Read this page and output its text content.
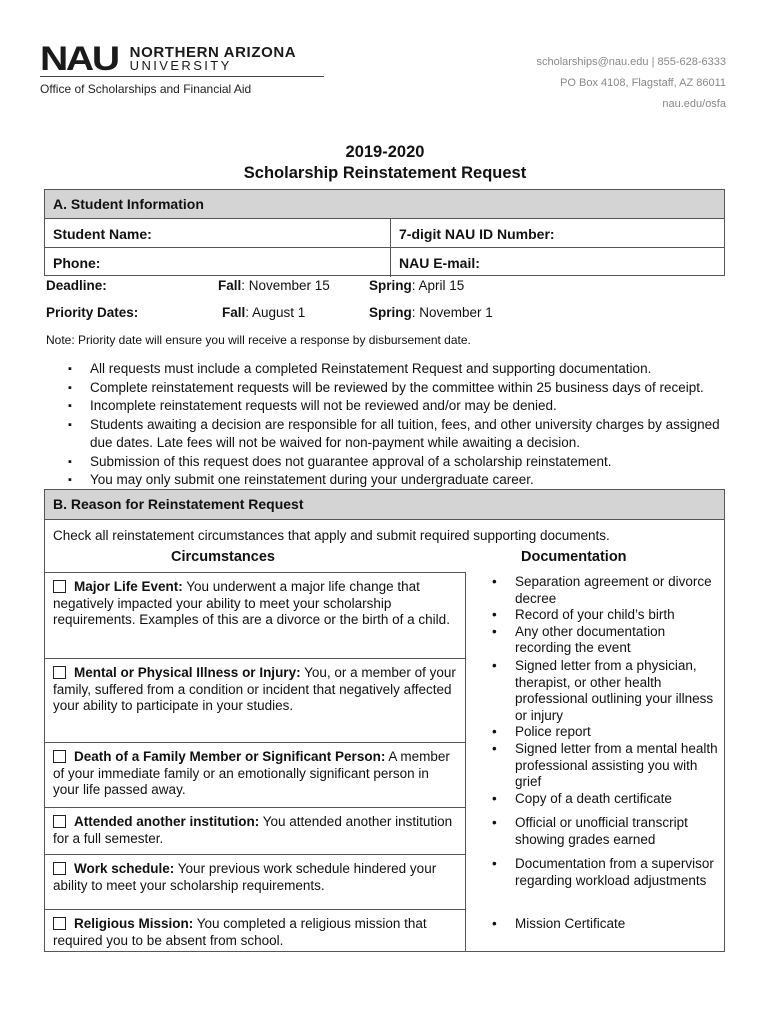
NAU NORTHERN ARIZONA
UNIVERSITY
Office of Scholarships and Financial Aid
scholarships@nau.edu | 855-628-6333
PO Box 4108, Flagstaff, AZ 86011
nau.edu/osfa
2019-2020
Scholarship Reinstatement Request
A. Student Information
Student Name:	7-digit NAU ID Number:
Phone:	NAU E-mail:
Deadline:	Fall: November 15	Spring: April 15
Priority Dates:	Fall: August 1	Spring: November 1
Note: Priority date will ensure you will receive a response by disbursement date.
▪ All requests must include a completed Reinstatement Request and supporting documentation.
▪ Complete reinstatement requests will be reviewed by the committee within 25 business days of receipt.
▪ Incomplete reinstatement requests will not be reviewed and/or may be denied.
▪ Students awaiting a decision are responsible for all tuition, fees, and other university charges by assigned due dates. Late fees will not be waived for non-payment while awaiting a decision.
▪ Submission of this request does not guarantee approval of a scholarship reinstatement.
▪ You may only submit one reinstatement during your undergraduate career.
B. Reason for Reinstatement Request
Check all reinstatement circumstances that apply and submit required supporting documents.
Circumstances	Documentation
Major Life Event: You underwent a major life change that negatively impacted your ability to meet your scholarship requirements. Examples of this are a divorce or the birth of a child.
• Separation agreement or divorce decree
• Record of your child’s birth
• Any other documentation recording the event
Mental or Physical Illness or Injury: You, or a member of your family, suffered from a condition or incident that negatively affected your ability to participate in your studies.
• Signed letter from a physician, therapist, or other health professional outlining your illness or injury
• Police report
Death of a Family Member or Significant Person: A member of your immediate family or an emotionally significant person in your life passed away.
• Signed letter from a mental health professional assisting you with grief
• Copy of a death certificate
Attended another institution: You attended another institution for a full semester.
• Official or unofficial transcript showing grades earned
Work schedule: Your previous work schedule hindered your ability to meet your scholarship requirements.
• Documentation from a supervisor regarding workload adjustments
Religious Mission: You completed a religious mission that required you to be absent from school.
• Mission Certificate
